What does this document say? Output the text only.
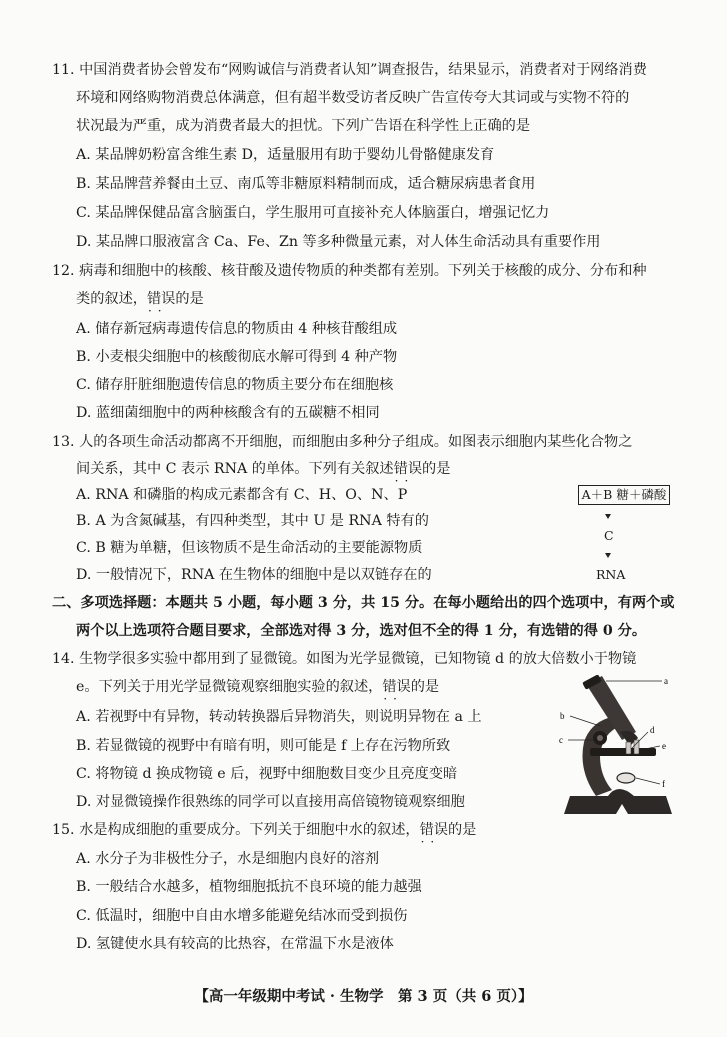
11. 中国消费者协会曾发布“网购诚信与消费者认知”调查报告，结果显示，消费者对于网络消费
环境和网络购物消费总体满意，但有超半数受访者反映广告宣传夸大其词或与实物不符的
状况最为严重，成为消费者最大的担忧。下列广告语在科学性上正确的是
A. 某品牌奶粉富含维生素 D，适量服用有助于婴幼儿骨骼健康发育
B. 某品牌营养餐由土豆、南瓜等非糖原料精制而成，适合糖尿病患者食用
C. 某品牌保健品富含脑蛋白，学生服用可直接补充人体脑蛋白，增强记忆力
D. 某品牌口服液富含 Ca、Fe、Zn 等多种微量元素，对人体生命活动具有重要作用
12. 病毒和细胞中的核酸、核苷酸及遗传物质的种类都有差别。下列关于核酸的成分、分布和种
类的叙述，错误 ··的是
A. 储存新冠病毒遗传信息的物质由 4 种核苷酸组成
B. 小麦根尖细胞中的核酸彻底水解可得到 4 种产物
C. 储存肝脏细胞遗传信息的物质主要分布在细胞核
D. 蓝细菌细胞中的两种核酸含有的五碳糖不相同
13. 人的各项生命活动都离不开细胞，而细胞由多种分子组成。如图表示细胞内某些化合物之
间关系，其中 C 表示 RNA 的单体。下列有关叙述错误 ··的是
A. RNA 和磷脂的构成元素都含有 C、H、O、N、P
B. A 为含氮碱基，有四种类型，其中 U 是 RNA 特有的
C. B 糖为单糖，但该物质不是生命活动的主要能源物质
D. 一般情况下，RNA 在生物体的细胞中是以双链存在的
A＋B 糖＋磷酸
C
RNA
二、多项选择题：本题共 5 小题，每小题 3 分，共 15 分。在每小题给出的四个选项中，有两个或
两个以上选项符合题目要求，全部选对得 3 分，选对但不全的得 1 分，有选错的得 0 分。
14. 生物学很多实验中都用到了显微镜。如图为光学显微镜，已知物镜 d 的放大倍数小于物镜
e。下列关于用光学显微镜观察细胞实验的叙述，错误 ··的是
A. 若视野中有异物，转动转换器后异物消失，则说明异物在 a 上
B. 若显微镜的视野中有暗有明，则可能是 f 上存在污物所致
C. 将物镜 d 换成物镜 e 后，视野中细胞数目变少且亮度变暗
D. 对显微镜操作很熟练的同学可以直接用高倍镜物镜观察细胞
a
b
c
d
e
f
15. 水是构成细胞的重要成分。下列关于细胞中水的叙述，错误 ··的是
A. 水分子为非极性分子，水是细胞内良好的溶剂
B. 一般结合水越多，植物细胞抵抗不良环境的能力越强
C. 低温时，细胞中自由水增多能避免结冰而受到损伤
D. 氢键使水具有较高的比热容，在常温下水是液体
【高一年级期中考试 · 生物学　第 3 页（共 6 页）】
